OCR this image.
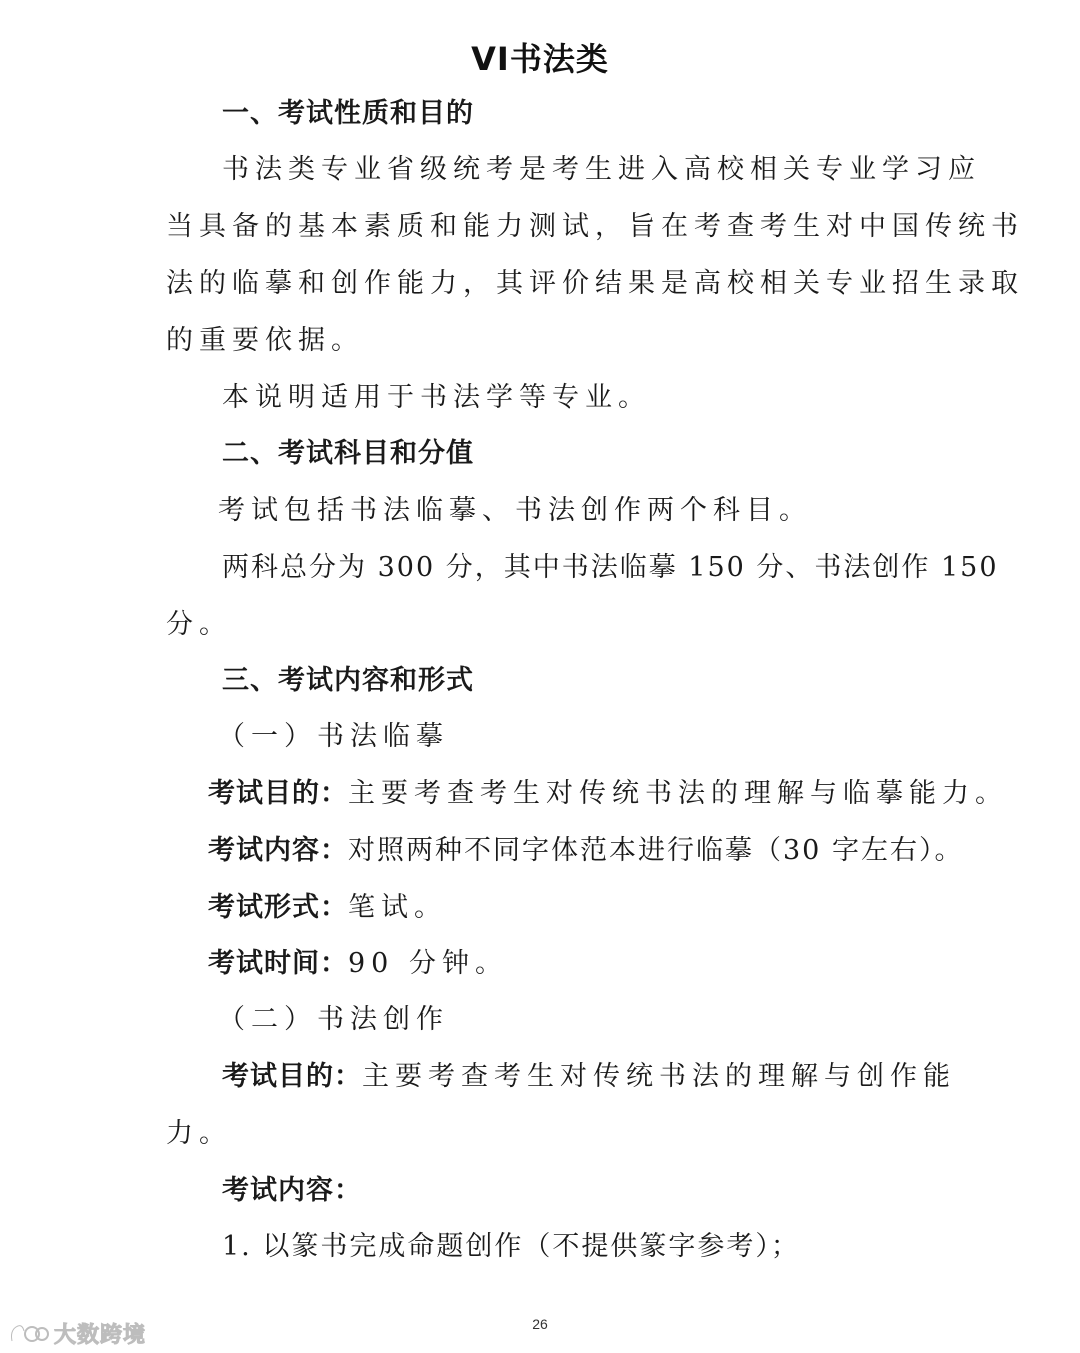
VI书法类
一、考试性质和目的
书法类专业省级统考是考生进入高校相关专业学习应
当具备的基本素质和能力测试，旨在考查考生对中国传统书
法的临摹和创作能力，其评价结果是高校相关专业招生录取
的重要依据。
本说明适用于书法学等专业。
二、考试科目和分值
考试包括书法临摹、书法创作两个科目。
两科总分为 300 分，其中书法临摹 150 分、书法创作 150
分。
三、考试内容和形式
（一）书法临摹
考试目的：主要考查考生对传统书法的理解与临摹能力。
考试内容：对照两种不同字体范本进行临摹（30 字左右）。
考试形式：笔试。
考试时间：90 分钟。
（二）书法创作
考试目的：主要考查考生对传统书法的理解与创作能
力。
考试内容：
1. 以篆书完成命题创作（不提供篆字参考）；
26
大数跨境
